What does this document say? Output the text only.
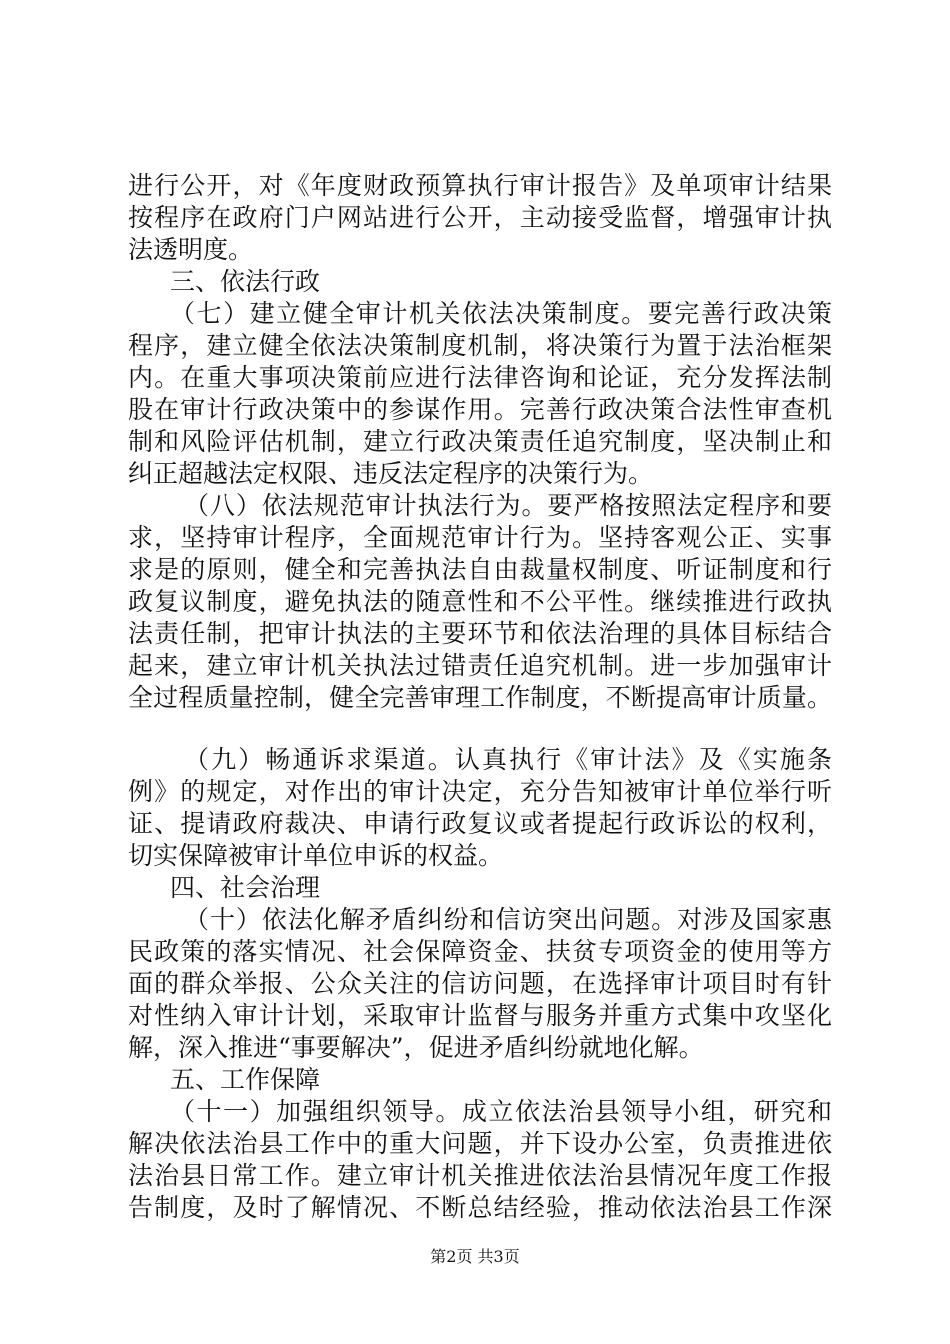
进行公开，对《年度财政预算执行审计报告》及单项审计结果
按程序在政府门户网站进行公开，主动接受监督，增强审计执
法透明度。
三、依法行政
（七）建立健全审计机关依法决策制度。要完善行政决策
程序，建立健全依法决策制度机制，将决策行为置于法治框架
内。在重大事项决策前应进行法律咨询和论证，充分发挥法制
股在审计行政决策中的参谋作用。完善行政决策合法性审查机
制和风险评估机制，建立行政决策责任追究制度，坚决制止和
纠正超越法定权限、违反法定程序的决策行为。
（八）依法规范审计执法行为。要严格按照法定程序和要
求，坚持审计程序，全面规范审计行为。坚持客观公正、实事
求是的原则，健全和完善执法自由裁量权制度、听证制度和行
政复议制度，避免执法的随意性和不公平性。继续推进行政执
法责任制，把审计执法的主要环节和依法治理的具体目标结合
起来，建立审计机关执法过错责任追究机制。进一步加强审计
全过程质量控制，健全完善审理工作制度，不断提高审计质量。
（九）畅通诉求渠道。认真执行《审计法》及《实施条
例》的规定，对作出的审计决定，充分告知被审计单位举行听
证、提请政府裁决、申请行政复议或者提起行政诉讼的权利，
切实保障被审计单位申诉的权益。
四、社会治理
（十）依法化解矛盾纠纷和信访突出问题。对涉及国家惠
民政策的落实情况、社会保障资金、扶贫专项资金的使用等方
面的群众举报、公众关注的信访问题，在选择审计项目时有针
对性纳入审计计划，采取审计监督与服务并重方式集中攻坚化
解，深入推进“事要解决”，促进矛盾纠纷就地化解。
五、工作保障
（十一）加强组织领导。成立依法治县领导小组，研究和
解决依法治县工作中的重大问题，并下设办公室，负责推进依
法治县日常工作。建立审计机关推进依法治县情况年度工作报
告制度，及时了解情况、不断总结经验，推动依法治县工作深
第2页 共3页
